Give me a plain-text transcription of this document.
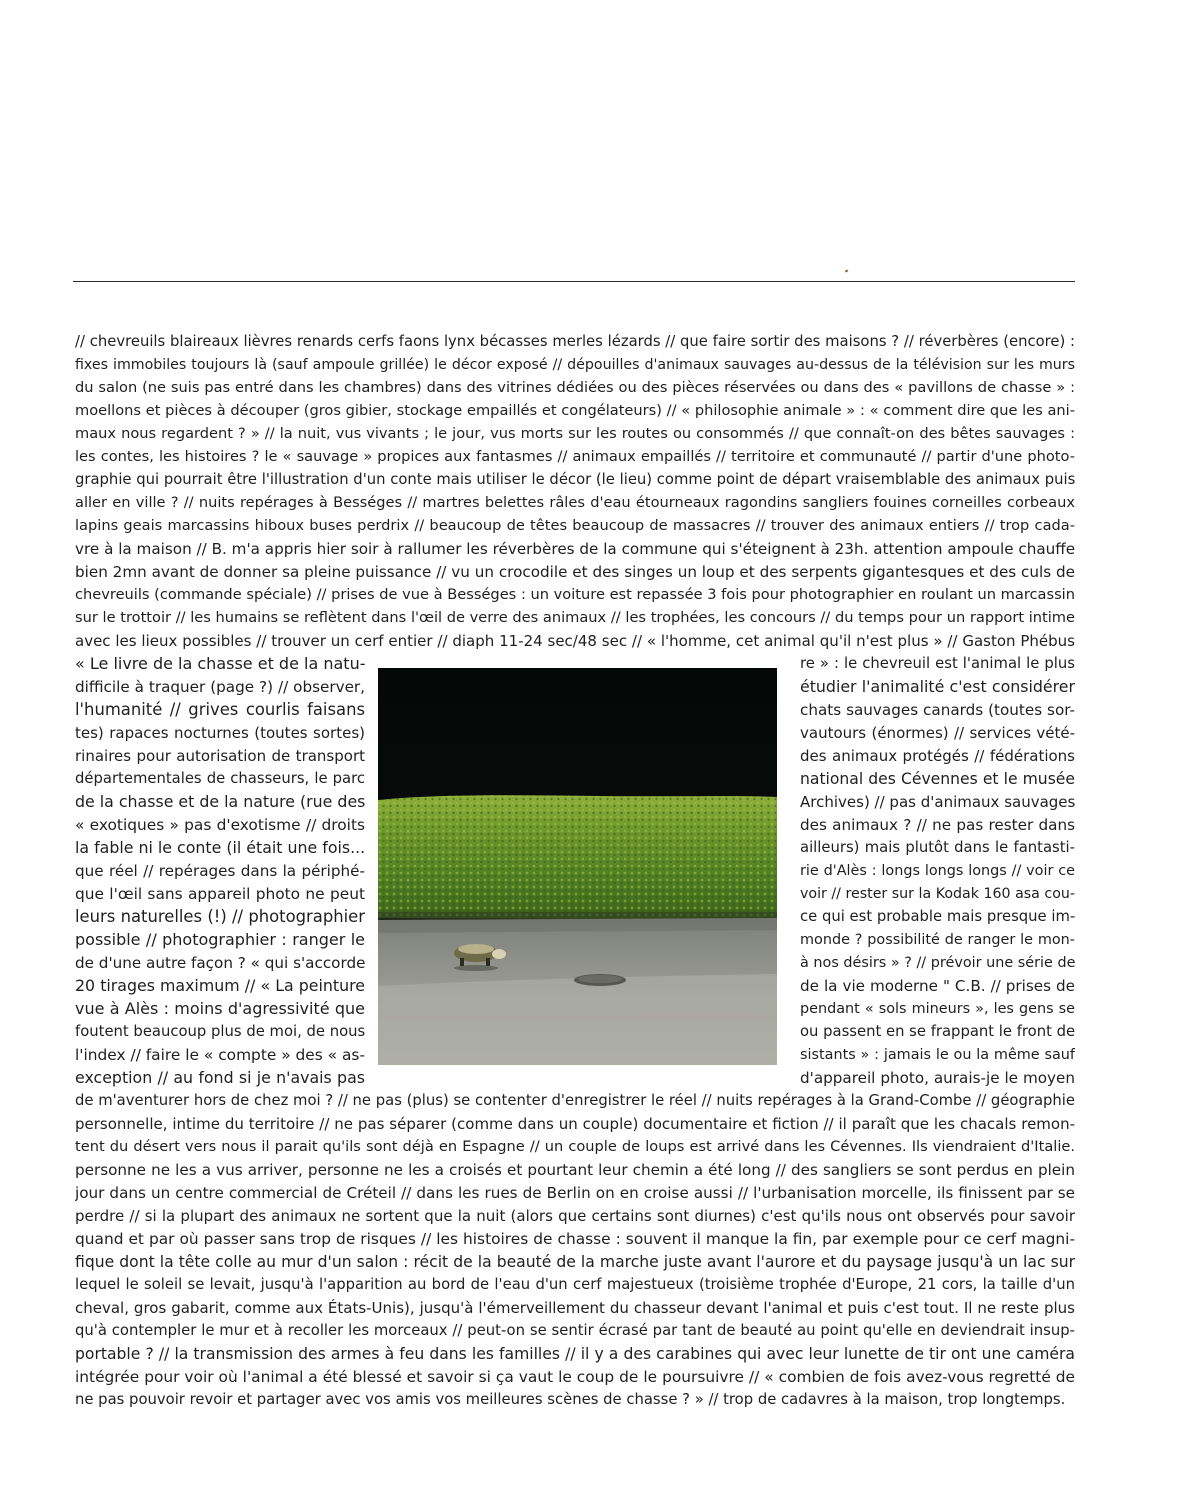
// chevreuils blaireaux lièvres renards cerfs faons lynx bécasses merles lézards // que faire sortir des maisons ? // réverbères (encore) :
fixes immobiles toujours là (sauf ampoule grillée) le décor exposé // dépouilles d'animaux sauvages au-dessus de la télévision sur les murs
du salon (ne suis pas entré dans les chambres) dans des vitrines dédiées ou des pièces réservées ou dans des « pavillons de chasse » :
moellons et pièces à découper (gros gibier, stockage empaillés et congélateurs) // « philosophie animale » : « comment dire que les ani-
maux nous regardent ? » // la nuit, vus vivants ; le jour, vus morts sur les routes ou consommés // que connaît-on des bêtes sauvages :
les contes, les histoires ? le « sauvage » propices aux fantasmes // animaux empaillés // territoire et communauté // partir d'une photo-
graphie qui pourrait être l'illustration d'un conte mais utiliser le décor (le lieu) comme point de départ vraisemblable des animaux puis
aller en ville ? // nuits repérages à Bességes // martres belettes râles d'eau étourneaux ragondins sangliers fouines corneilles corbeaux
lapins geais marcassins hiboux buses perdrix // beaucoup de têtes beaucoup de massacres // trouver des animaux entiers // trop cada-
vre à la maison // B. m'a appris hier soir à rallumer les réverbères de la commune qui s'éteignent à 23h. attention ampoule chauffe
bien 2mn avant de donner sa pleine puissance // vu un crocodile et des singes un loup et des serpents gigantesques et des culs de
chevreuils (commande spéciale) // prises de vue à Bességes : un voiture est repassée 3 fois pour photographier en roulant un marcassin
sur le trottoir // les humains se reflètent dans l'œil de verre des animaux // les trophées, les concours // du temps pour un rapport intime
avec les lieux possibles // trouver un cerf entier // diaph 11-24 sec/48 sec // « l'homme, cet animal qu'il n'est plus » // Gaston Phébus
« Le livre de la chasse et de la natu-
difficile à traquer (page ?) // observer,
l'humanité // grives courlis faisans
tes) rapaces nocturnes (toutes sortes)
rinaires pour autorisation de transport
départementales de chasseurs, le parc
de la chasse et de la nature (rue des
« exotiques » pas d'exotisme // droits
la fable ni le conte (il était une fois...
que réel // repérages dans la périphé-
que l'œil sans appareil photo ne peut
leurs naturelles (!) // photographier
possible // photographier : ranger le
de d'une autre façon ? « qui s'accorde
20 tirages maximum // « La peinture
vue à Alès : moins d'agressivité que
foutent beaucoup plus de moi, de nous
l'index // faire le « compte » des « as-
exception // au fond si je n'avais pas
re » : le chevreuil est l'animal le plus
étudier l'animalité c'est considérer
chats sauvages canards (toutes sor-
vautours (énormes) // services vété-
des animaux protégés // fédérations
national des Cévennes et le musée
Archives) // pas d'animaux sauvages
des animaux ? // ne pas rester dans
ailleurs) mais plutôt dans le fantasti-
rie d'Alès : longs longs longs // voir ce
voir // rester sur la Kodak 160 asa cou-
ce qui est probable mais presque im-
monde ? possibilité de ranger le mon-
à nos désirs » ? // prévoir une série de
de la vie moderne " C.B. // prises de
pendant « sols mineurs », les gens se
ou passent en se frappant le front de
sistants » : jamais le ou la même sauf
d'appareil photo, aurais-je le moyen
de m'aventurer hors de chez moi ? // ne pas (plus) se contenter d'enregistrer le réel // nuits repérages à la Grand-Combe // géographie
personnelle, intime du territoire // ne pas séparer (comme dans un couple) documentaire et fiction // il paraît que les chacals remon-
tent du désert vers nous il parait qu'ils sont déjà en Espagne // un couple de loups est arrivé dans les Cévennes. Ils viendraient d'Italie.
personne ne les a vus arriver, personne ne les a croisés et pourtant leur chemin a été long // des sangliers se sont perdus en plein
jour dans un centre commercial de Créteil // dans les rues de Berlin on en croise aussi // l'urbanisation morcelle, ils finissent par se
perdre // si la plupart des animaux ne sortent que la nuit (alors que certains sont diurnes) c'est qu'ils nous ont observés pour savoir
quand et par où passer sans trop de risques // les histoires de chasse : souvent il manque la fin, par exemple pour ce cerf magni-
fique dont la tête colle au mur d'un salon : récit de la beauté de la marche juste avant l'aurore et du paysage jusqu'à un lac sur
lequel le soleil se levait, jusqu'à l'apparition au bord de l'eau d'un cerf majestueux (troisième trophée d'Europe, 21 cors, la taille d'un
cheval, gros gabarit, comme aux États-Unis), jusqu'à l'émerveillement du chasseur devant l'animal et puis c'est tout. Il ne reste plus
qu'à contempler le mur et à recoller les morceaux // peut-on se sentir écrasé par tant de beauté au point qu'elle en deviendrait insup-
portable ? // la transmission des armes à feu dans les familles // il y a des carabines qui avec leur lunette de tir ont une caméra
intégrée pour voir où l'animal a été blessé et savoir si ça vaut le coup de le poursuivre // « combien de fois avez-vous regretté de
ne pas pouvoir revoir et partager avec vos amis vos meilleures scènes de chasse ? » // trop de cadavres à la maison, trop longtemps.
